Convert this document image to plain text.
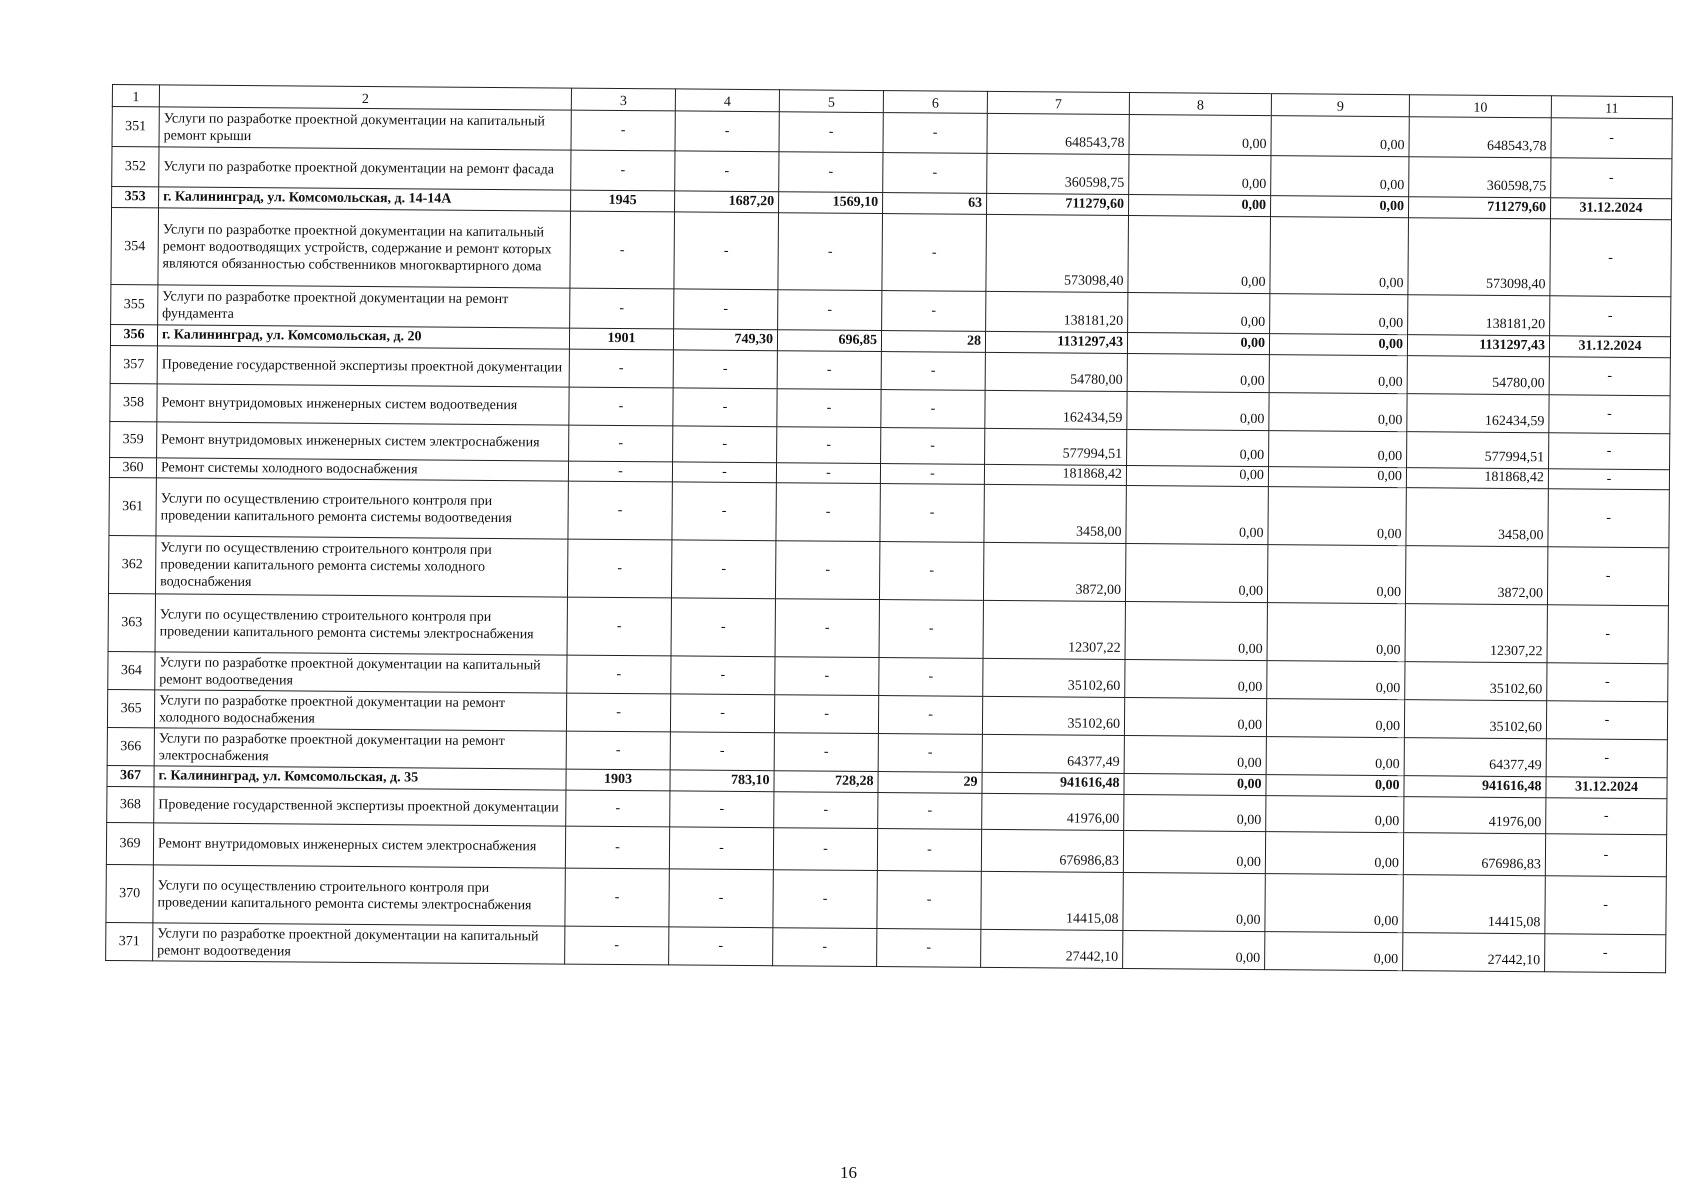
1	2	3	4	5	6	7	8	9	10	11
351	Услуги по разработке проектной документации на капитальный ремонт крыши	-	-	-	-	648543,78	0,00	0,00	648543,78	-
352	Услуги по разработке проектной документации на ремонт фасада	-	-	-	-	360598,75	0,00	0,00	360598,75	-
353	г. Калининград, ул. Комсомольская, д. 14-14А	1945	1687,20	1569,10	63	711279,60	0,00	0,00	711279,60	31.12.2024
354	Услуги по разработке проектной документации на капитальный ремонт водоотводящих устройств, содержание и ремонт которых являются обязанностью собственников многоквартирного дома	-	-	-	-	573098,40	0,00	0,00	573098,40	-
355	Услуги по разработке проектной документации на ремонт фундамента	-	-	-	-	138181,20	0,00	0,00	138181,20	-
356	г. Калининград, ул. Комсомольская, д. 20	1901	749,30	696,85	28	1131297,43	0,00	0,00	1131297,43	31.12.2024
357	Проведение государственной экспертизы проектной документации	-	-	-	-	54780,00	0,00	0,00	54780,00	-
358	Ремонт внутридомовых инженерных систем водоотведения	-	-	-	-	162434,59	0,00	0,00	162434,59	-
359	Ремонт внутридомовых инженерных систем электроснабжения	-	-	-	-	577994,51	0,00	0,00	577994,51	-
360	Ремонт системы холодного водоснабжения	-	-	-	-	181868,42	0,00	0,00	181868,42	-
361	Услуги по осуществлению строительного контроля при проведении капитального ремонта системы водоотведения	-	-	-	-	3458,00	0,00	0,00	3458,00	-
362	Услуги по осуществлению строительного контроля при проведении капитального ремонта системы холодного водоснабжения	-	-	-	-	3872,00	0,00	0,00	3872,00	-
363	Услуги по осуществлению строительного контроля при проведении капитального ремонта системы электроснабжения	-	-	-	-	12307,22	0,00	0,00	12307,22	-
364	Услуги по разработке проектной документации на капитальный ремонт водоотведения	-	-	-	-	35102,60	0,00	0,00	35102,60	-
365	Услуги по разработке проектной документации на ремонт холодного водоснабжения	-	-	-	-	35102,60	0,00	0,00	35102,60	-
366	Услуги по разработке проектной документации на ремонт электроснабжения	-	-	-	-	64377,49	0,00	0,00	64377,49	-
367	г. Калининград, ул. Комсомольская, д. 35	1903	783,10	728,28	29	941616,48	0,00	0,00	941616,48	31.12.2024
368	Проведение государственной экспертизы проектной документации	-	-	-	-	41976,00	0,00	0,00	41976,00	-
369	Ремонт внутридомовых инженерных систем электроснабжения	-	-	-	-	676986,83	0,00	0,00	676986,83	-
370	Услуги по осуществлению строительного контроля при проведении капитального ремонта системы электроснабжения	-	-	-	-	14415,08	0,00	0,00	14415,08	-
371	Услуги по разработке проектной документации на капитальный ремонт водоотведения	-	-	-	-	27442,10	0,00	0,00	27442,10	-
16
